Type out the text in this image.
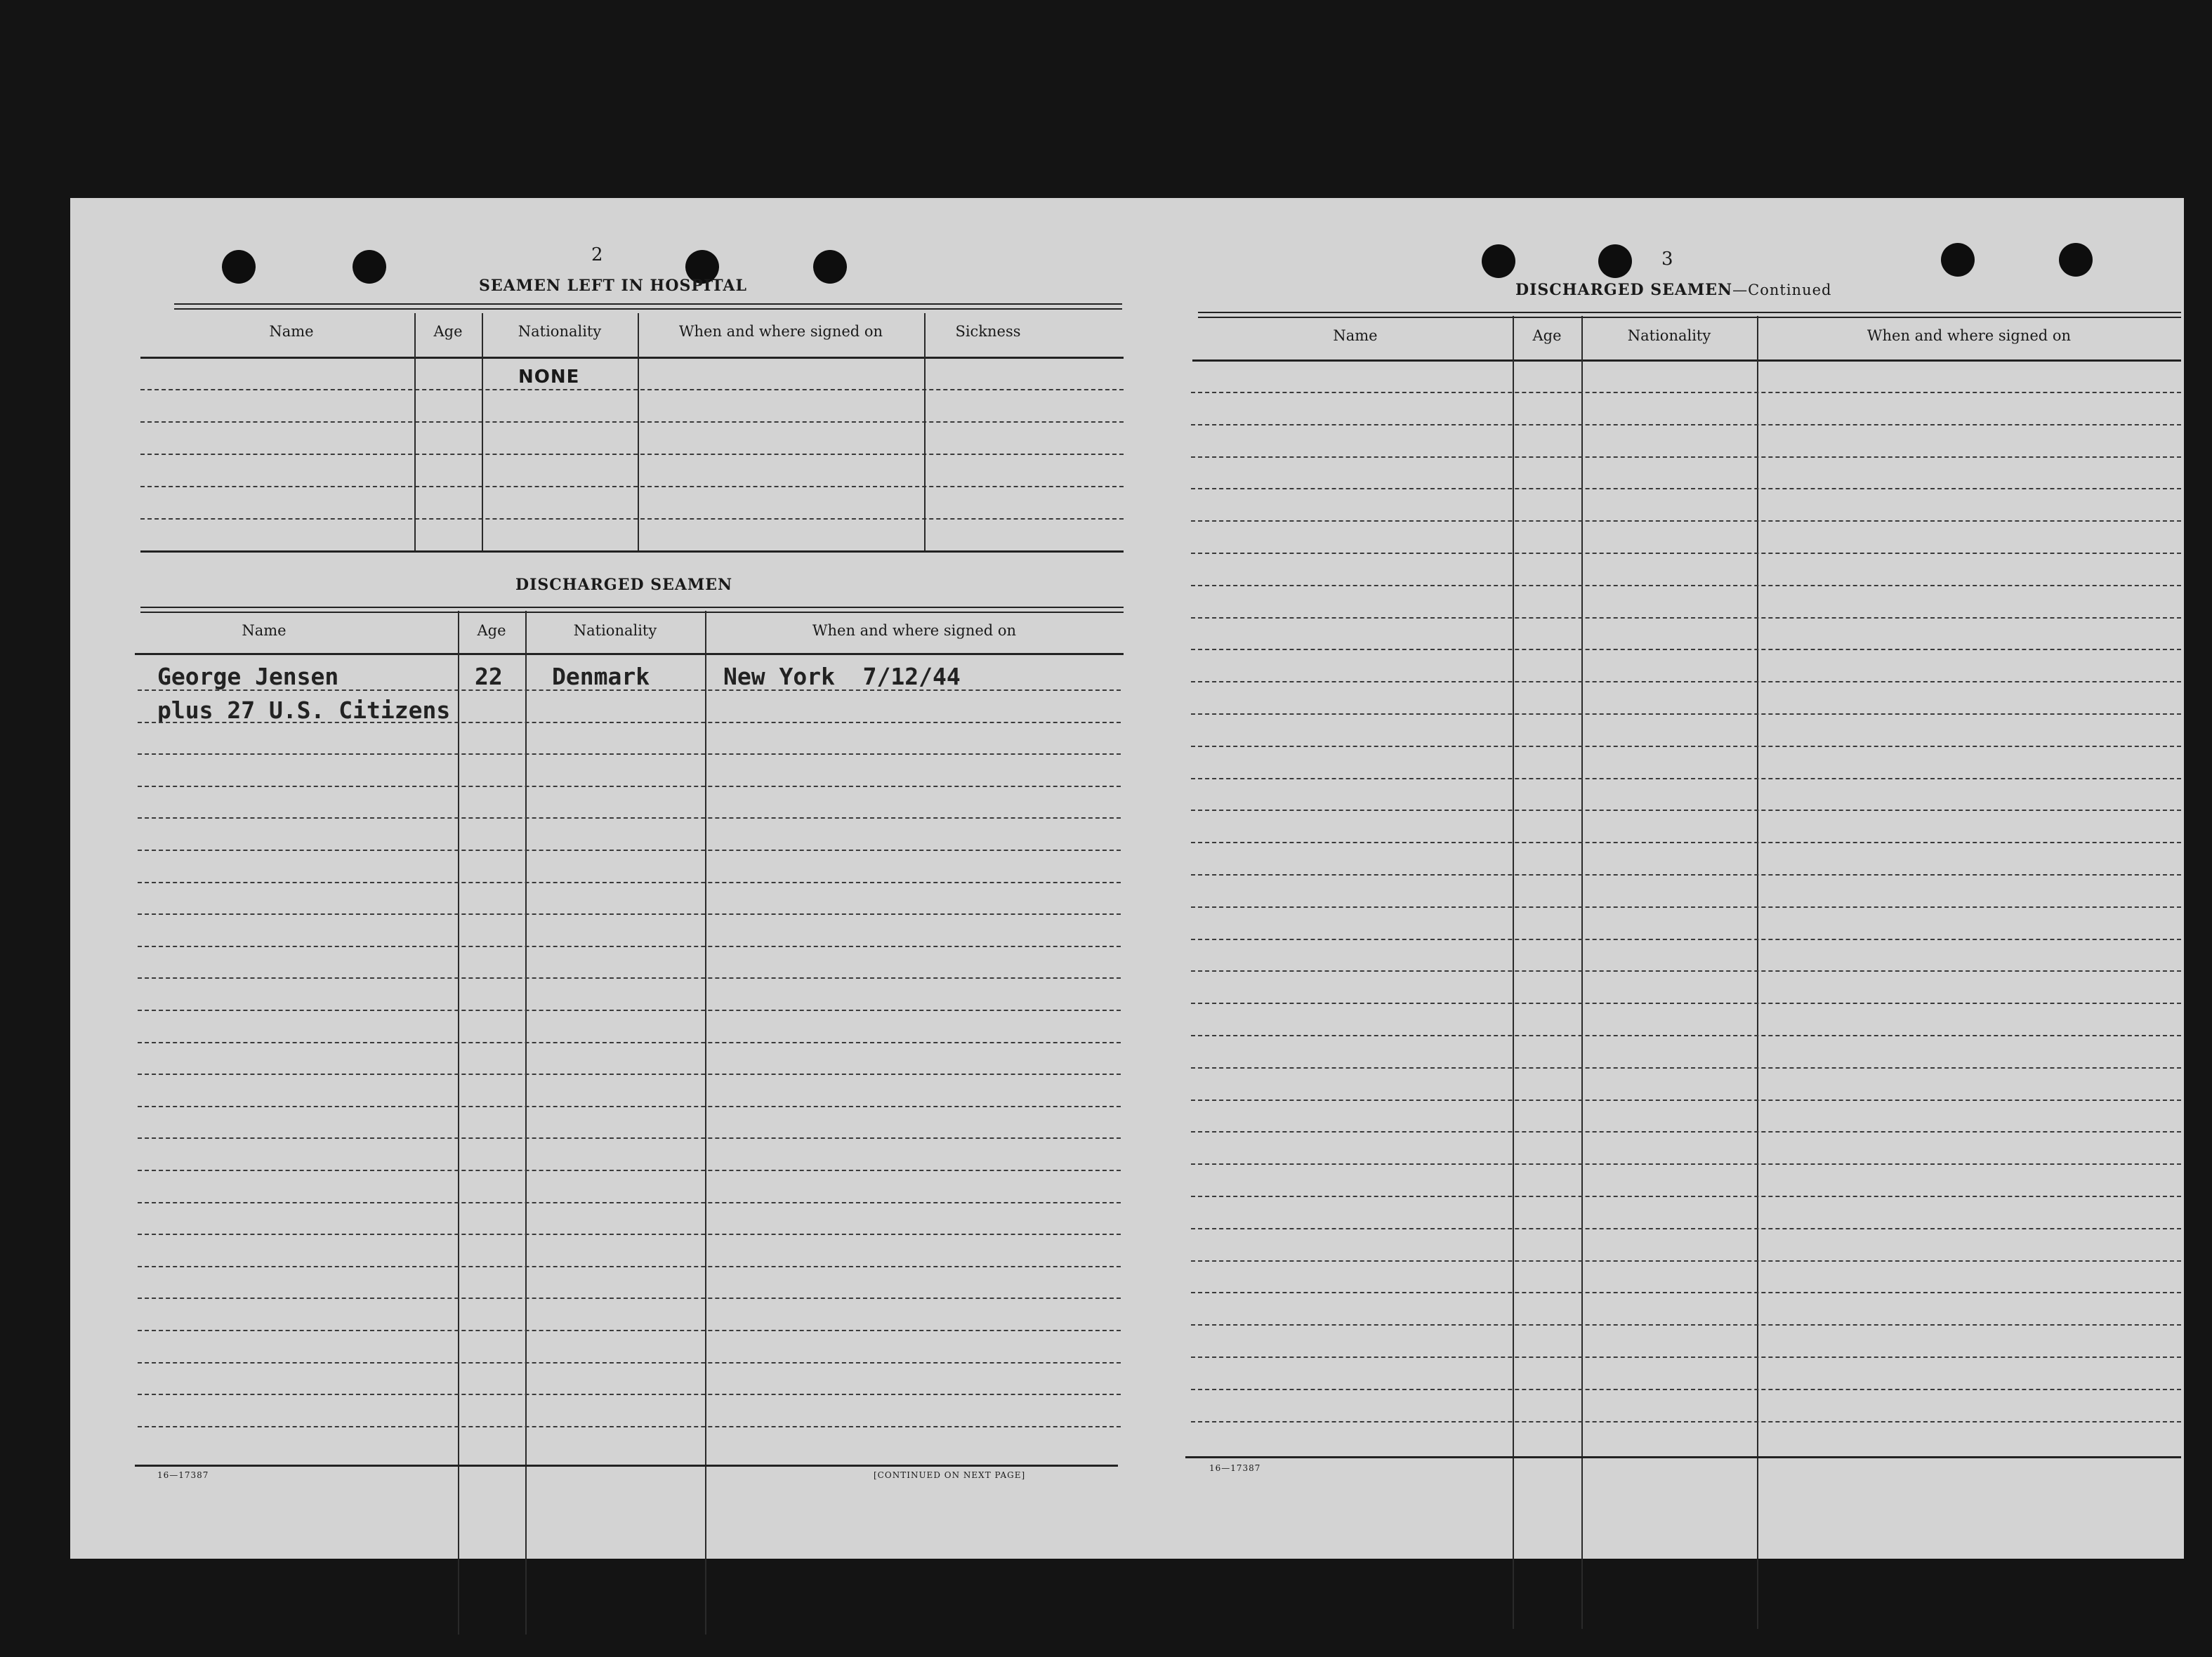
2
SEAMEN LEFT IN HOSPITAL
Name	Age	Nationality	When and where signed on	Sickness
NONE
DISCHARGED SEAMEN
Name	Age	Nationality	When and where signed on
George Jensen	22 Denmark	New York  7/12/44
plus 27 U.S. Citizens
16—17387	[CONTINUED ON NEXT PAGE]
3
DISCHARGED SEAMEN—Continued
Name	Age	Nationality	When and where signed on
16—17387
